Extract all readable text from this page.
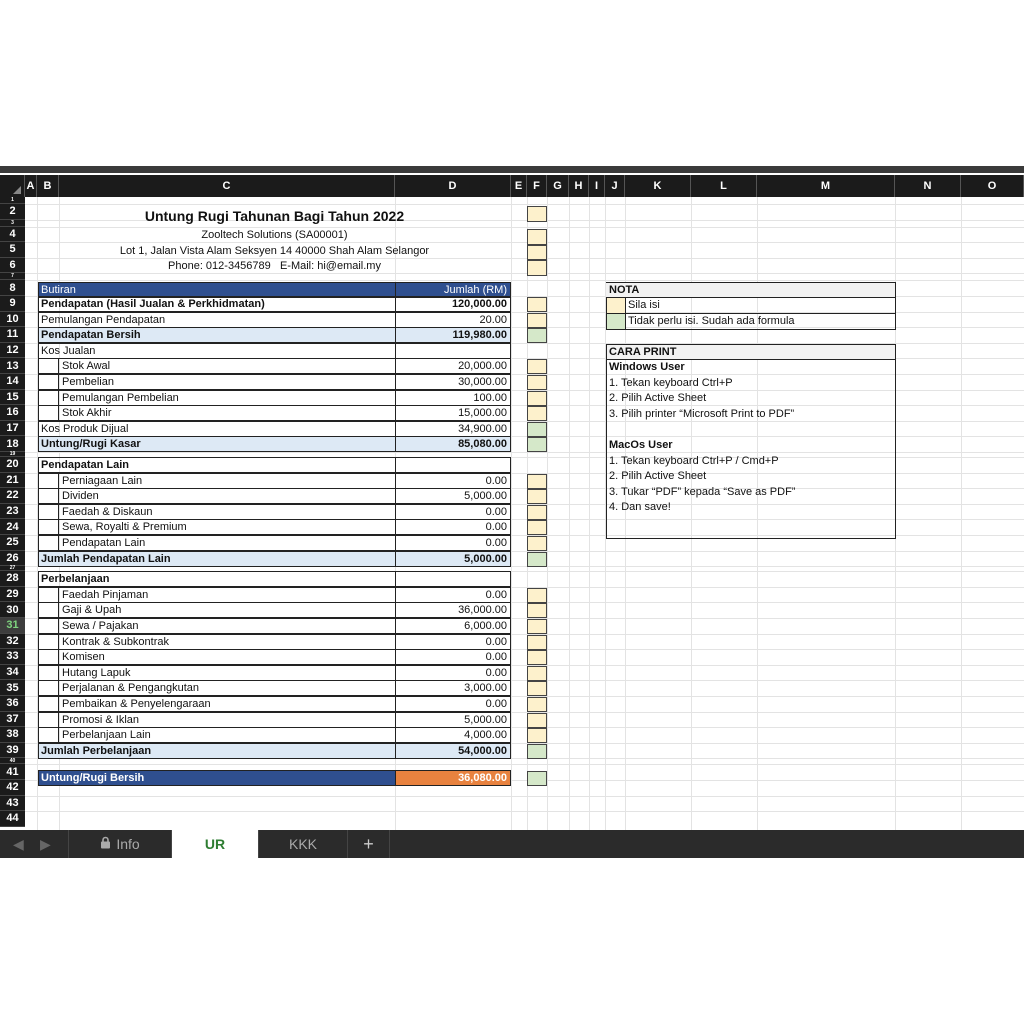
A B	C	D	E F	G	H	I	J	K	L	M	N	O
1
2
3
4
5
6
7
8
9
10
11
12
13
14
15
16
17
18
19
20
21
22
23
24
25
26
27
28
29
30
31
32
33
34
35
36
37
38
39
40
41
42
43
44
Untung Rugi Tahunan Bagi Tahun 2022
Zooltech Solutions (SA00001)
Lot 1, Jalan Vista Alam Seksyen 14 40000 Shah Alam Selangor
Phone: 012-3456789   E-Mail: hi@email.my
Butiran	Jumlah (RM)
Pendapatan (Hasil Jualan & Perkhidmatan)	120,000.00
Pemulangan Pendapatan	20.00
Pendapatan Bersih	119,980.00
Kos Jualan
Stok Awal	20,000.00
Pembelian	30,000.00
Pemulangan Pembelian	100.00
Stok Akhir	15,000.00
Kos Produk Dijual	34,900.00
Untung/Rugi Kasar	85,080.00
Pendapatan Lain
Perniagaan Lain	0.00
Dividen	5,000.00
Faedah & Diskaun	0.00
Sewa, Royalti & Premium	0.00
Pendapatan Lain	0.00
Jumlah Pendapatan Lain	5,000.00
Perbelanjaan
Faedah Pinjaman	0.00
Gaji & Upah	36,000.00
Sewa / Pajakan	6,000.00
Kontrak & Subkontrak	0.00
Komisen	0.00
Hutang Lapuk	0.00
Perjalanan & Pengangkutan	3,000.00
Pembaikan & Penyelengaraan	0.00
Promosi & Iklan	5,000.00
Perbelanjaan Lain	4,000.00
Jumlah Perbelanjaan	54,000.00
Untung/Rugi Bersih	36,080.00
NOTA
Sila isi
Tidak perlu isi. Sudah ada formula
CARA PRINT
Windows User
1. Tekan keyboard Ctrl+P
2. Pilih Active Sheet
3. Pilih printer “Microsoft Print to PDF”
MacOs User
1. Tekan keyboard Ctrl+P / Cmd+P
2. Pilih Active Sheet
3. Tukar “PDF” kepada “Save as PDF”
4. Dan save!
◀ ▶	Info	UR	KKK	+
